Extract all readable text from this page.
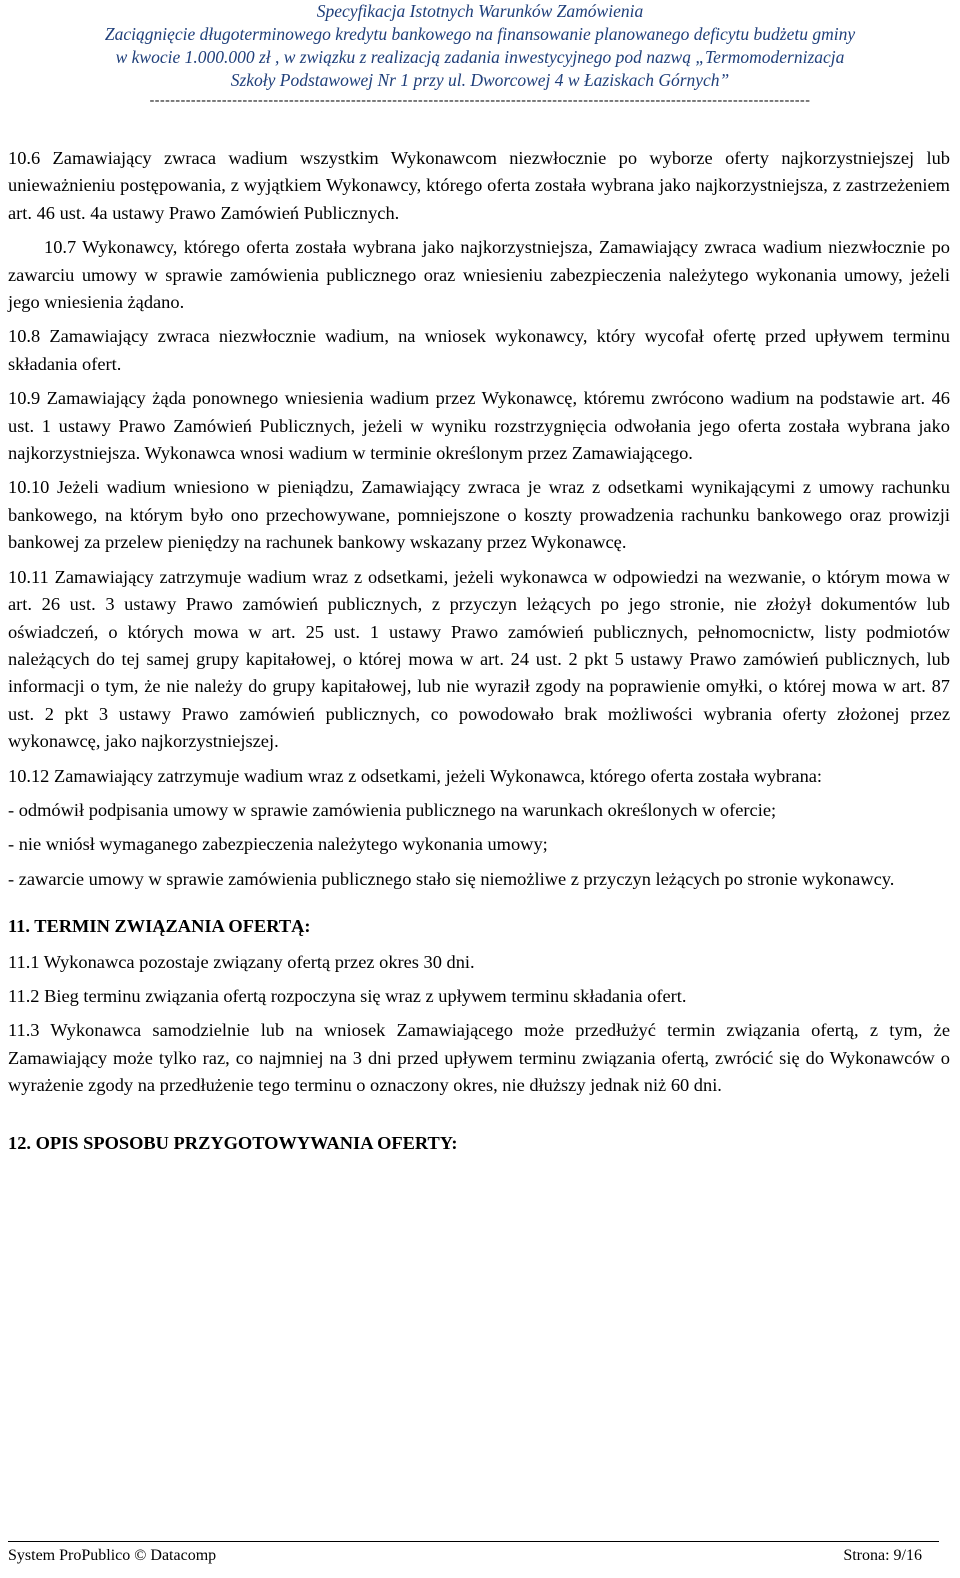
Specyfikacja Istotnych Warunków Zamówienia
Zaciągnięcie długoterminowego kredytu bankowego na finansowanie planowanego deficytu budżetu gminy
w kwocie 1.000.000 zł , w związku z realizacją zadania inwestycyjnego pod nazwą „Termomodernizacja
Szkoły Podstawowej Nr 1 przy ul. Dworcowej 4 w Łaziskach Górnych”
--------------------------------------------------------------------------------------------------------------------------------

10.6 Zamawiający zwraca wadium wszystkim Wykonawcom niezwłocznie po wyborze oferty najkorzystniejszej lub unieważnieniu postępowania, z wyjątkiem Wykonawcy, którego oferta została wybrana jako najkorzystniejsza, z zastrzeżeniem art. 46 ust. 4a ustawy Prawo Zamówień Publicznych.

10.7 Wykonawcy, którego oferta została wybrana jako najkorzystniejsza, Zamawiający zwraca wadium niezwłocznie po zawarciu umowy w sprawie zamówienia publicznego oraz wniesieniu zabezpieczenia należytego wykonania umowy, jeżeli jego wniesienia żądano.

10.8 Zamawiający zwraca niezwłocznie wadium, na wniosek wykonawcy, który wycofał ofertę przed upływem terminu składania ofert.

10.9 Zamawiający żąda ponownego wniesienia wadium przez Wykonawcę, któremu zwrócono wadium na podstawie art. 46 ust. 1 ustawy Prawo Zamówień Publicznych, jeżeli w wyniku rozstrzygnięcia odwołania jego oferta została wybrana jako najkorzystniejsza. Wykonawca wnosi wadium w terminie określonym przez Zamawiającego.

10.10 Jeżeli wadium wniesiono w pieniądzu, Zamawiający zwraca je wraz z odsetkami wynikającymi z umowy rachunku bankowego, na którym było ono przechowywane, pomniejszone o koszty prowadzenia rachunku bankowego oraz prowizji bankowej za przelew pieniędzy na rachunek bankowy wskazany przez Wykonawcę.

10.11 Zamawiający zatrzymuje wadium wraz z odsetkami, jeżeli wykonawca w odpowiedzi na wezwanie, o którym mowa w art. 26 ust. 3 ustawy Prawo zamówień publicznych, z przyczyn leżących po jego stronie, nie złożył dokumentów lub oświadczeń, o których mowa w art. 25 ust. 1 ustawy Prawo zamówień publicznych, pełnomocnictw, listy podmiotów należących do tej samej grupy kapitałowej, o której mowa w art. 24 ust. 2 pkt 5 ustawy Prawo zamówień publicznych, lub informacji o tym, że nie należy do grupy kapitałowej, lub nie wyraził zgody na poprawienie omyłki, o której mowa w art. 87 ust. 2 pkt 3 ustawy Prawo zamówień publicznych, co powodowało brak możliwości wybrania oferty złożonej przez wykonawcę, jako najkorzystniejszej.

10.12 Zamawiający zatrzymuje wadium wraz z odsetkami, jeżeli Wykonawca, którego oferta została wybrana:

- odmówił podpisania umowy w sprawie zamówienia publicznego na warunkach określonych w ofercie;

- nie wniósł wymaganego zabezpieczenia należytego wykonania umowy;

- zawarcie umowy w sprawie zamówienia publicznego stało się niemożliwe z przyczyn leżących po stronie wykonawcy.

11. TERMIN ZWIĄZANIA OFERTĄ:

11.1 Wykonawca pozostaje związany ofertą przez okres 30 dni.

11.2 Bieg terminu związania ofertą rozpoczyna się wraz z upływem terminu składania ofert.

11.3 Wykonawca samodzielnie lub na wniosek Zamawiającego może przedłużyć termin związania ofertą, z tym, że Zamawiający może tylko raz, co najmniej na 3 dni przed upływem terminu związania ofertą, zwrócić się do Wykonawców o wyrażenie zgody na przedłużenie tego terminu o oznaczony okres, nie dłuższy jednak niż 60 dni.

12. OPIS SPOSOBU PRZYGOTOWYWANIA OFERTY:

System ProPublico © Datacomp	Strona: 9/16
